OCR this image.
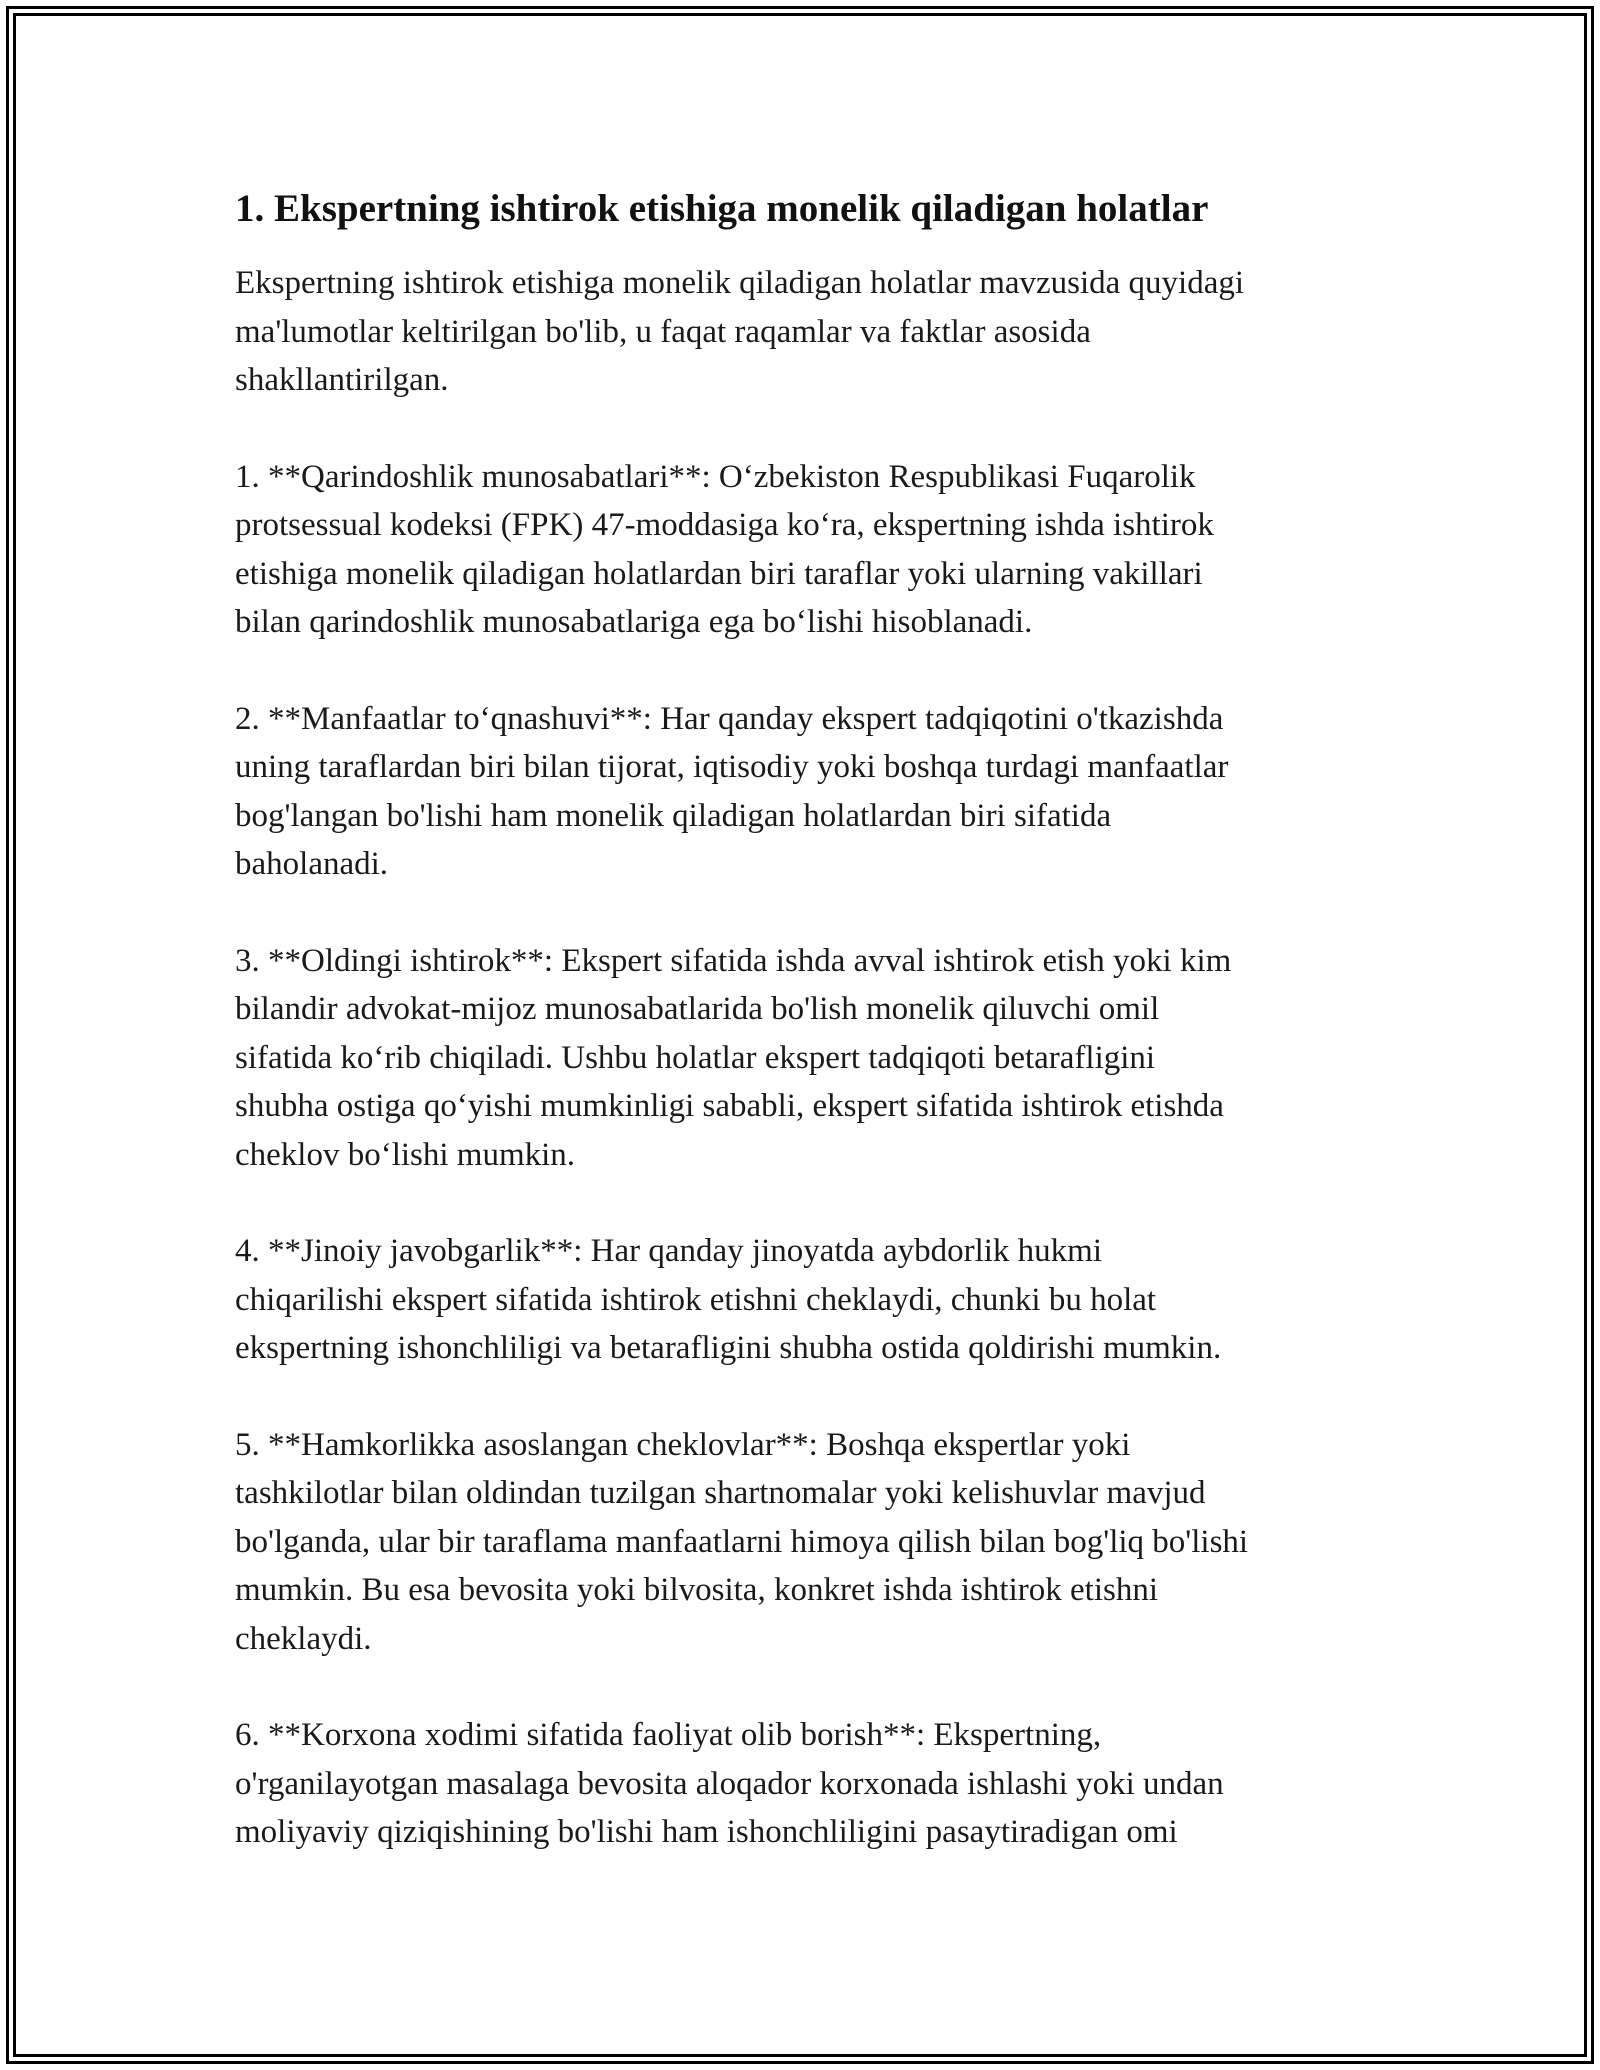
1. Ekspertning ishtirok etishiga monelik qiladigan holatlar
Ekspertning ishtirok etishiga monelik qiladigan holatlar mavzusida quyidagi
ma'lumotlar keltirilgan bo'lib, u faqat raqamlar va faktlar asosida
shakllantirilgan.
1. **Qarindoshlik munosabatlari**: O‘zbekiston Respublikasi Fuqarolik
protsessual kodeksi (FPK) 47-moddasiga ko‘ra, ekspertning ishda ishtirok
etishiga monelik qiladigan holatlardan biri taraflar yoki ularning vakillari
bilan qarindoshlik munosabatlariga ega bo‘lishi hisoblanadi.
2. **Manfaatlar to‘qnashuvi**: Har qanday ekspert tadqiqotini o'tkazishda
uning taraflardan biri bilan tijorat, iqtisodiy yoki boshqa turdagi manfaatlar
bog'langan bo'lishi ham monelik qiladigan holatlardan biri sifatida
baholanadi.
3. **Oldingi ishtirok**: Ekspert sifatida ishda avval ishtirok etish yoki kim
bilandir advokat-mijoz munosabatlarida bo'lish monelik qiluvchi omil
sifatida ko‘rib chiqiladi. Ushbu holatlar ekspert tadqiqoti betarafligini
shubha ostiga qo‘yishi mumkinligi sababli, ekspert sifatida ishtirok etishda
cheklov bo‘lishi mumkin.
4. **Jinoiy javobgarlik**: Har qanday jinoyatda aybdorlik hukmi
chiqarilishi ekspert sifatida ishtirok etishni cheklaydi, chunki bu holat
ekspertning ishonchliligi va betarafligini shubha ostida qoldirishi mumkin.
5. **Hamkorlikka asoslangan cheklovlar**: Boshqa ekspertlar yoki
tashkilotlar bilan oldindan tuzilgan shartnomalar yoki kelishuvlar mavjud
bo'lganda, ular bir taraflama manfaatlarni himoya qilish bilan bog'liq bo'lishi
mumkin. Bu esa bevosita yoki bilvosita, konkret ishda ishtirok etishni
cheklaydi.
6. **Korxona xodimi sifatida faoliyat olib borish**: Ekspertning,
o'rganilayotgan masalaga bevosita aloqador korxonada ishlashi yoki undan
moliyaviy qiziqishining bo'lishi ham ishonchliligini pasaytiradigan omi
